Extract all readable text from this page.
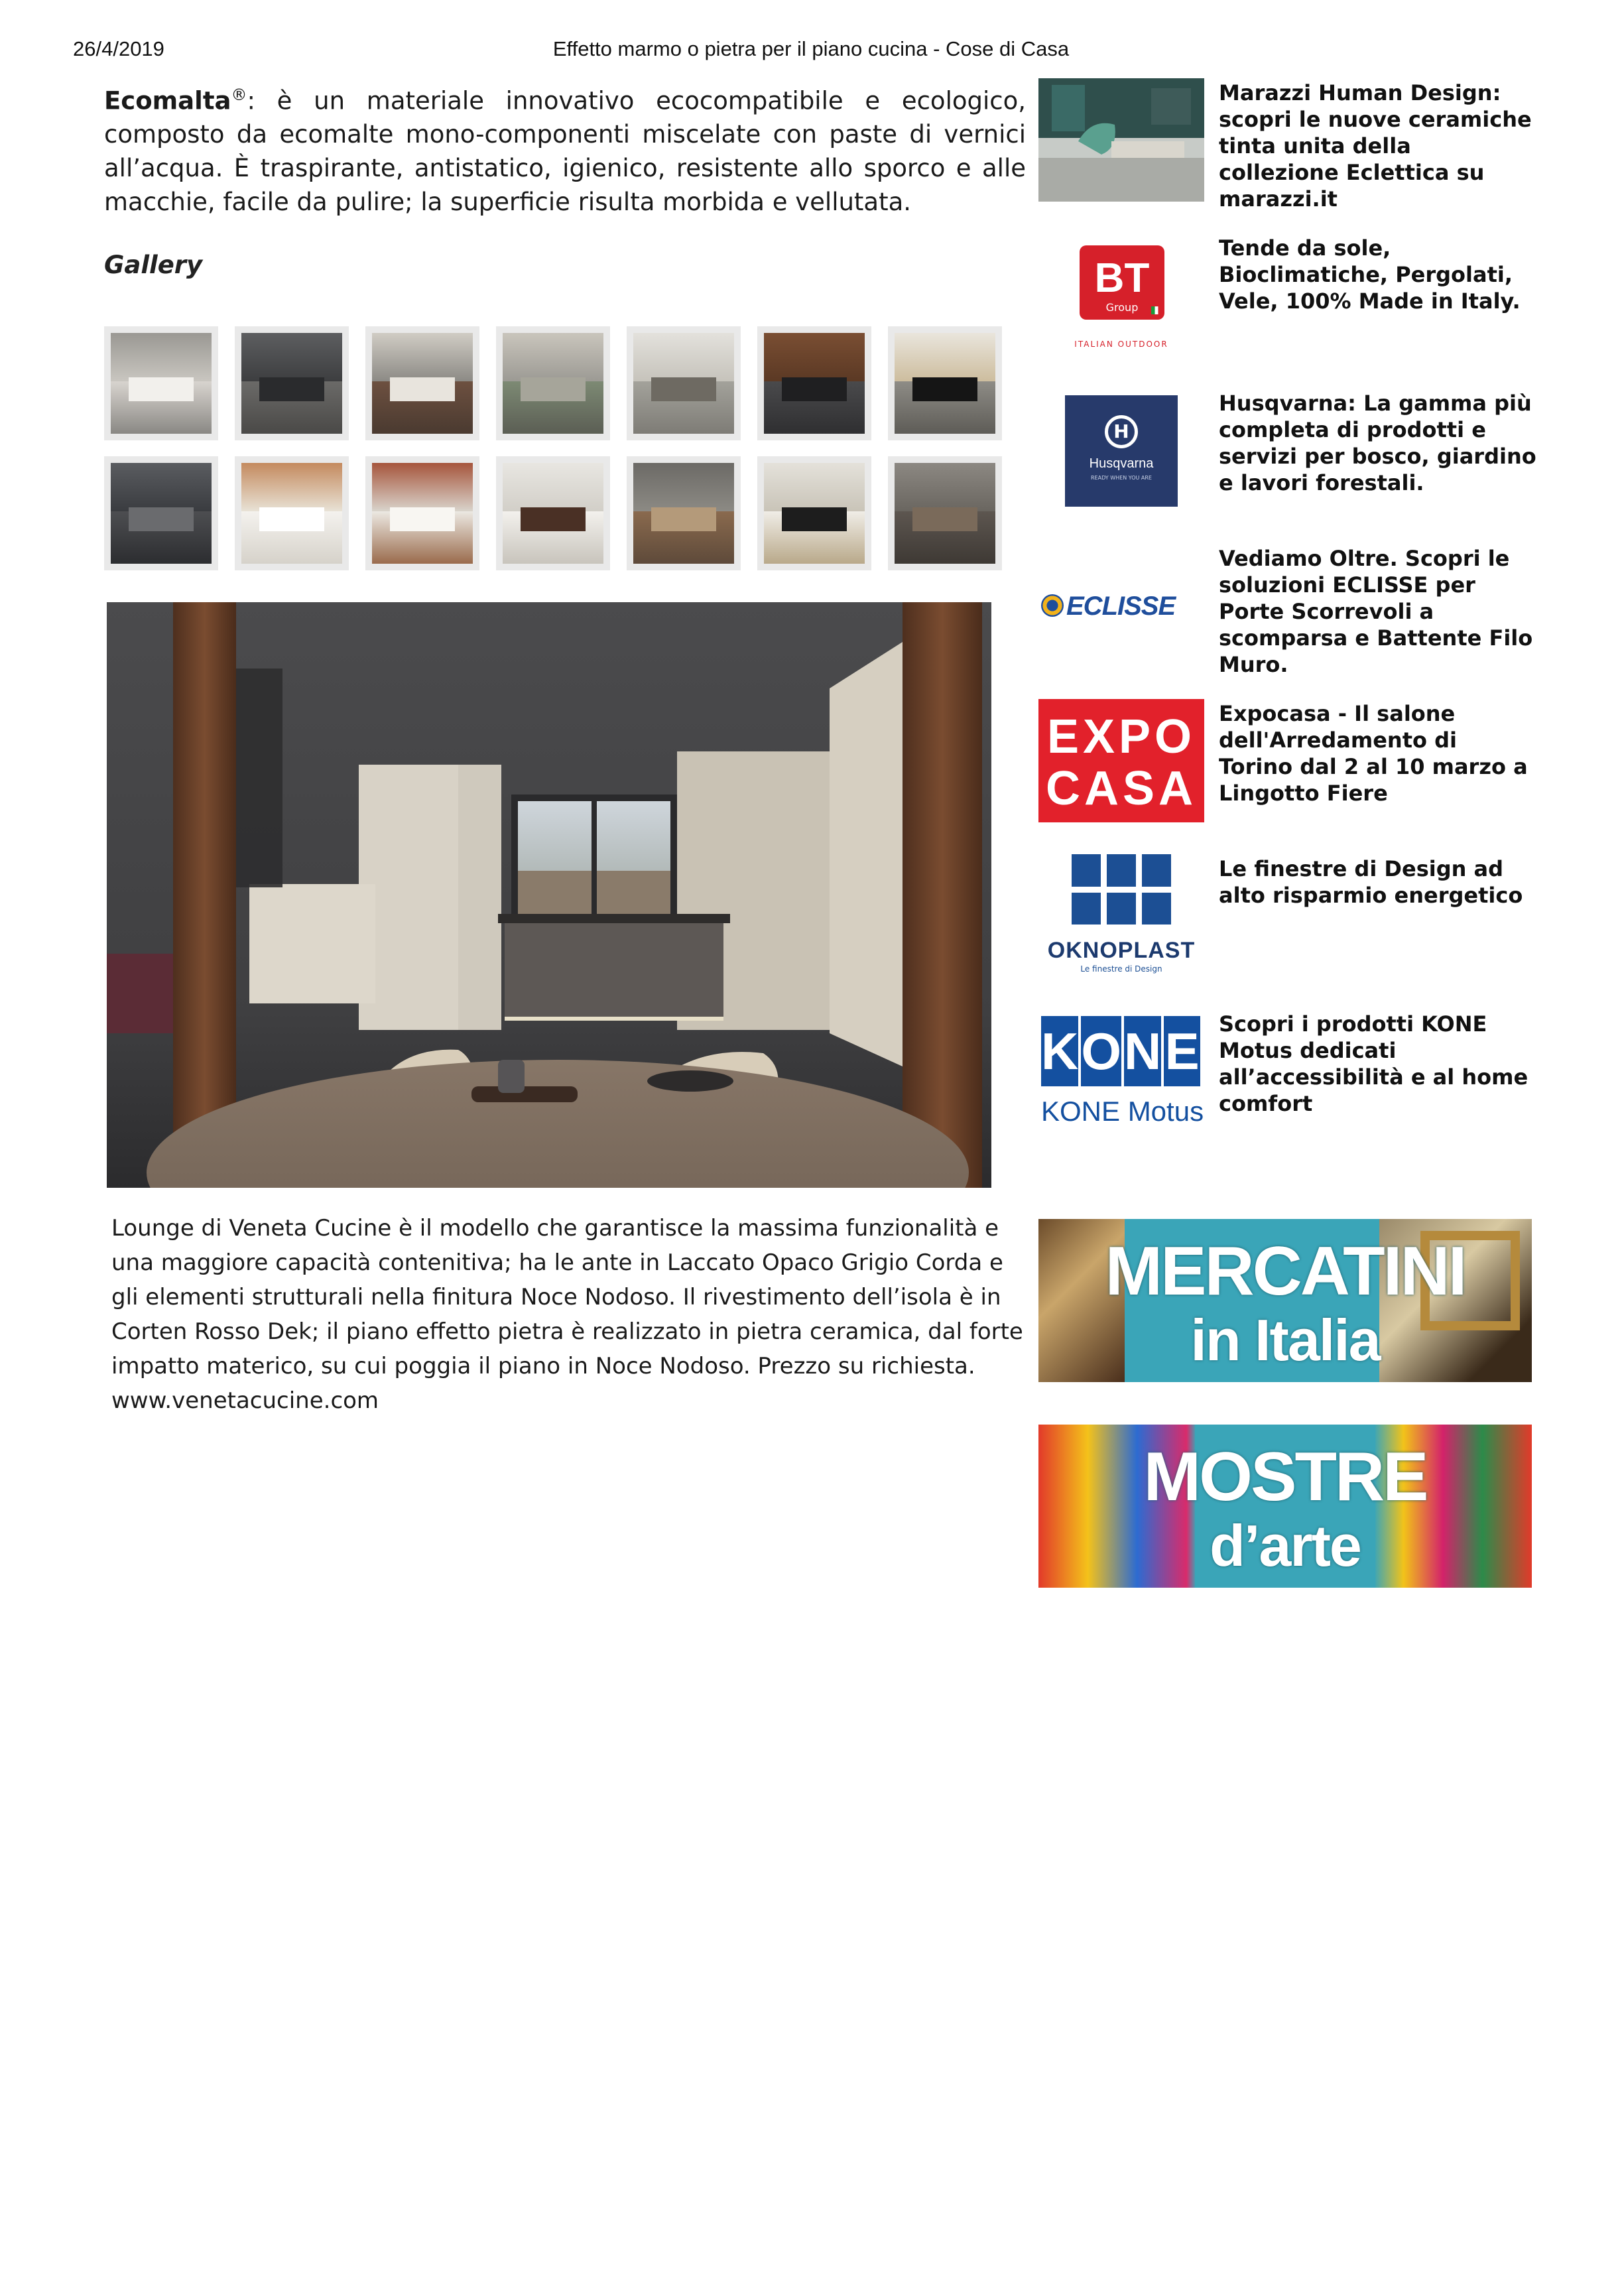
26/4/2019	Effetto marmo o pietra per il piano cucina - Cose di Casa
Ecomalta®: è un materiale innovativo ecocompatibile e ecologico, composto da ecomalte mono-componenti miscelate con paste di vernici all’acqua. È traspirante, antistatico, igienico, resistente allo sporco e alle macchie, facile da pulire; la superficie risulta morbida e vellutata.
Gallery
Lounge di Veneta Cucine è il modello che garantisce la massima funzionalità e una maggiore capacità contenitiva; ha le ante in Laccato Opaco Grigio Corda e gli elementi strutturali nella finitura Noce Nodoso. Il rivestimento dell’isola è in Corten Rosso Dek; il piano effetto pietra è realizzato in pietra ceramica, dal forte impatto materico, su cui poggia il piano in Noce Nodoso. Prezzo su richiesta.
www.venetacucine.com
Marazzi Human Design: scopri le nuove ceramiche tinta unita della collezione Eclettica su marazzi.it
BT
Group
ITALIAN OUTDOOR
Tende da sole, Bioclimatiche, Pergolati, Vele, 100% Made in Italy.
H
Husqvarna
READY WHEN YOU ARE
Husqvarna: La gamma più completa di prodotti e servizi per bosco, giardino e lavori forestali.
ECLISSE
Vediamo Oltre. Scopri le soluzioni ECLISSE per Porte Scorrevoli a scomparsa e Battente Filo Muro.
EXPO
CASA
Expocasa - Il salone dell'Arredamento di Torino dal 2 al 10 marzo a Lingotto Fiere
OKNOPLAST
Le finestre di Design
Le finestre di Design ad alto risparmio energetico
K O N E
KONE Motus
Scopri i prodotti KONE Motus dedicati all’accessibilità e al home comfort
MERCATINI
in Italia
MOSTRE
d’arte
